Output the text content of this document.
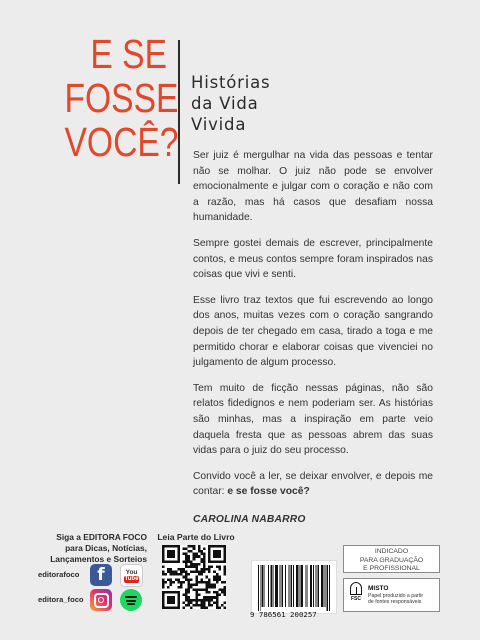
E SE
FOSSE
VOCÊ?
Histórias
da Vida
Vivida

Ser juiz é mergulhar na vida das pessoas e tentar não se molhar. O juiz não pode se envolver emocionalmente e julgar com o coração e não com a razão, mas há casos que desafiam nossa humanidade.

Sempre gostei demais de escrever, principalmente contos, e meus contos sempre foram inspirados nas coisas que vivi e senti.

Esse livro traz textos que fui escrevendo ao longo dos anos, muitas vezes com o coração sangrando depois de ter chegado em casa, tirado a toga e me permitido chorar e elaborar coisas que vivenciei no julgamento de algum processo.

Tem muito de ficção nessas páginas, não são relatos fidedignos e nem poderiam ser. As histórias são minhas, mas a inspiração em parte veio daquela fresta que as pessoas abrem das suas vidas para o juiz do seu processo.

Convido você a ler, se deixar envolver, e depois me contar: e se fosse você?

CAROLINA NABARRO
Siga a EDITORA FOCO
para Dicas, Notícias,
Lançamentos e Sorteios
editorafoco	f	You
Tube
editora_foco
Leia Parte do Livro
9 786561 200257
INDICADO
PARA GRADUAÇÃO
E PROFISSIONAL
FSC
MISTO
Papel produzido a partir
de fontes responsáveis
